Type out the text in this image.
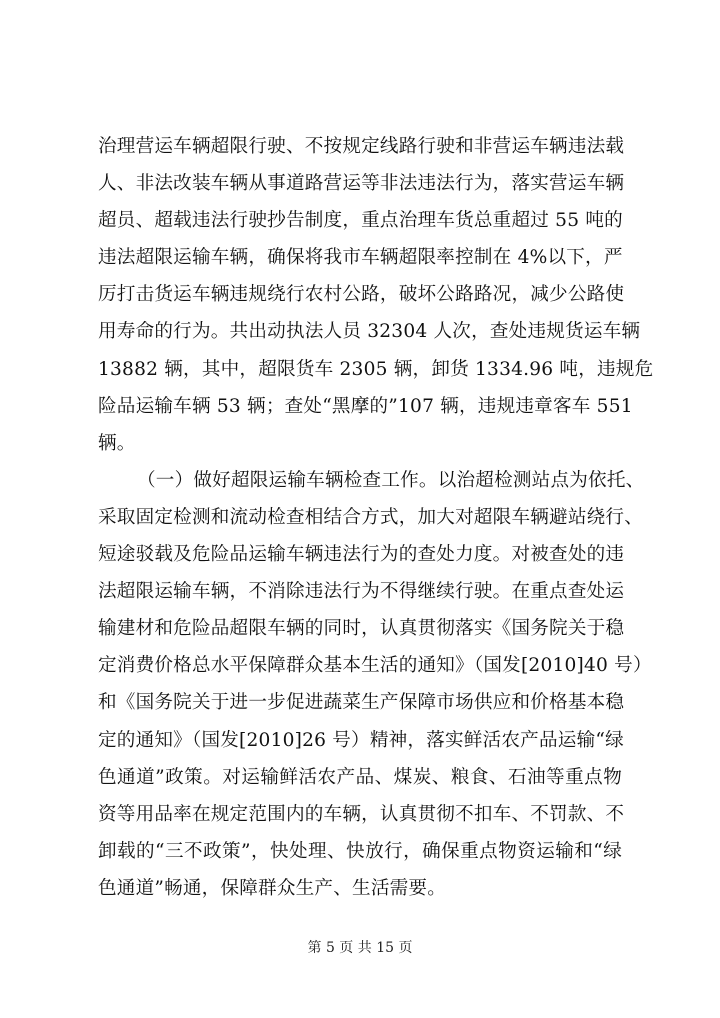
治理营运车辆超限行驶、不按规定线路行驶和非营运车辆违法载
人、非法改装车辆从事道路营运等非法违法行为，落实营运车辆
超员、超载违法行驶抄告制度，重点治理车货总重超过 55 吨的
违法超限运输车辆，确保将我市车辆超限率控制在 4%以下，严
厉打击货运车辆违规绕行农村公路，破坏公路路况，减少公路使
用寿命的行为。共出动执法人员 32304 人次，查处违规货运车辆
13882 辆，其中，超限货车 2305 辆，卸货 1334.96 吨，违规危
险品运输车辆 53 辆；查处“黑摩的”107 辆，违规违章客车 551
辆。
（一）做好超限运输车辆检查工作。以治超检测站点为依托、
采取固定检测和流动检查相结合方式，加大对超限车辆避站绕行、
短途驳载及危险品运输车辆违法行为的查处力度。对被查处的违
法超限运输车辆，不消除违法行为不得继续行驶。在重点查处运
输建材和危险品超限车辆的同时，认真贯彻落实《国务院关于稳
定消费价格总水平保障群众基本生活的通知》（国发[2010]40 号）
和《国务院关于进一步促进蔬菜生产保障市场供应和价格基本稳
定的通知》（国发[2010]26 号）精神，落实鲜活农产品运输“绿
色通道”政策。对运输鲜活农产品、煤炭、粮食、石油等重点物
资等用品率在规定范围内的车辆，认真贯彻不扣车、不罚款、不
卸载的“三不政策”，快处理、快放行，确保重点物资运输和“绿
色通道”畅通，保障群众生产、生活需要。
第 5 页 共 15 页
